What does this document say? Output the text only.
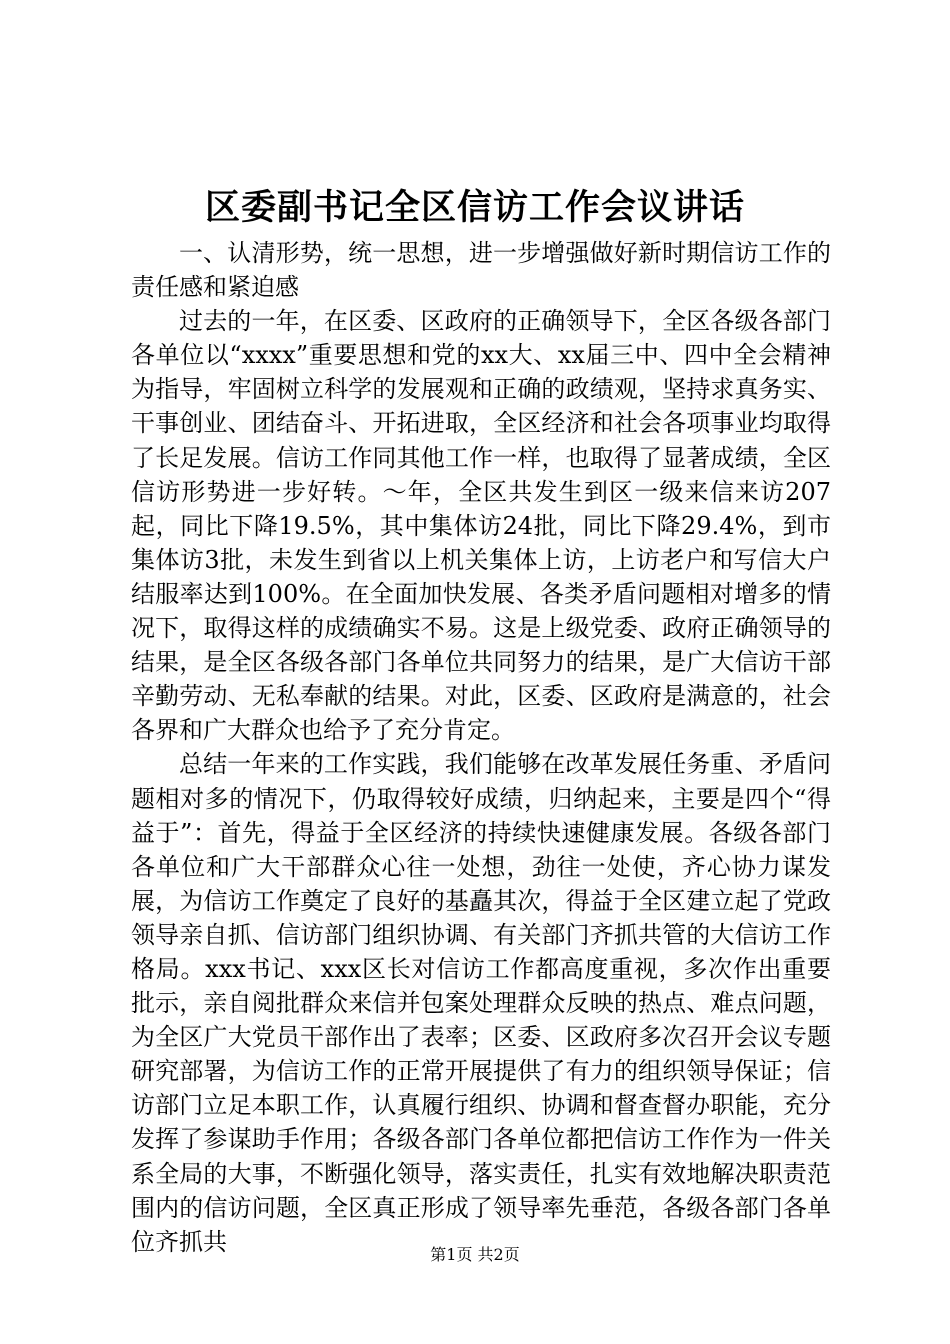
区委副书记全区信访工作会议讲话

一、认清形势，统一思想，进一步增强做好新时期信访工作的责任感和紧迫感

过去的一年，在区委、区政府的正确领导下，全区各级各部门各单位以“xxxx”重要思想和党的xx大、xx届三中、四中全会精神为指导，牢固树立科学的发展观和正确的政绩观，坚持求真务实、干事创业、团结奋斗、开拓进取，全区经济和社会各项事业均取得了长足发展。信访工作同其他工作一样，也取得了显著成绩，全区信访形势进一步好转。～年，全区共发生到区一级来信来访207起，同比下降19.5%，其中集体访24批，同比下降29.4%，到市集体访3批，未发生到省以上机关集体上访，上访老户和写信大户结服率达到100%。在全面加快发展、各类矛盾问题相对增多的情况下，取得这样的成绩确实不易。这是上级党委、政府正确领导的结果，是全区各级各部门各单位共同努力的结果，是广大信访干部辛勤劳动、无私奉献的结果。对此，区委、区政府是满意的，社会各界和广大群众也给予了充分肯定。

总结一年来的工作实践，我们能够在改革发展任务重、矛盾问题相对多的情况下，仍取得较好成绩，归纳起来，主要是四个“得益于”：首先，得益于全区经济的持续快速健康发展。各级各部门各单位和广大干部群众心往一处想，劲往一处使，齐心协力谋发展，为信访工作奠定了良好的基矗其次，得益于全区建立起了党政领导亲自抓、信访部门组织协调、有关部门齐抓共管的大信访工作格局。xxx书记、xxx区长对信访工作都高度重视，多次作出重要批示，亲自阅批群众来信并包案处理群众反映的热点、难点问题，为全区广大党员干部作出了表率；区委、区政府多次召开会议专题研究部署，为信访工作的正常开展提供了有力的组织领导保证；信访部门立足本职工作，认真履行组织、协调和督查督办职能，充分发挥了参谋助手作用；各级各部门各单位都把信访工作作为一件关系全局的大事，不断强化领导，落实责任，扎实有效地解决职责范围内的信访问题，全区真正形成了领导率先垂范，各级各部门各单位齐抓共	第1页 共2页
